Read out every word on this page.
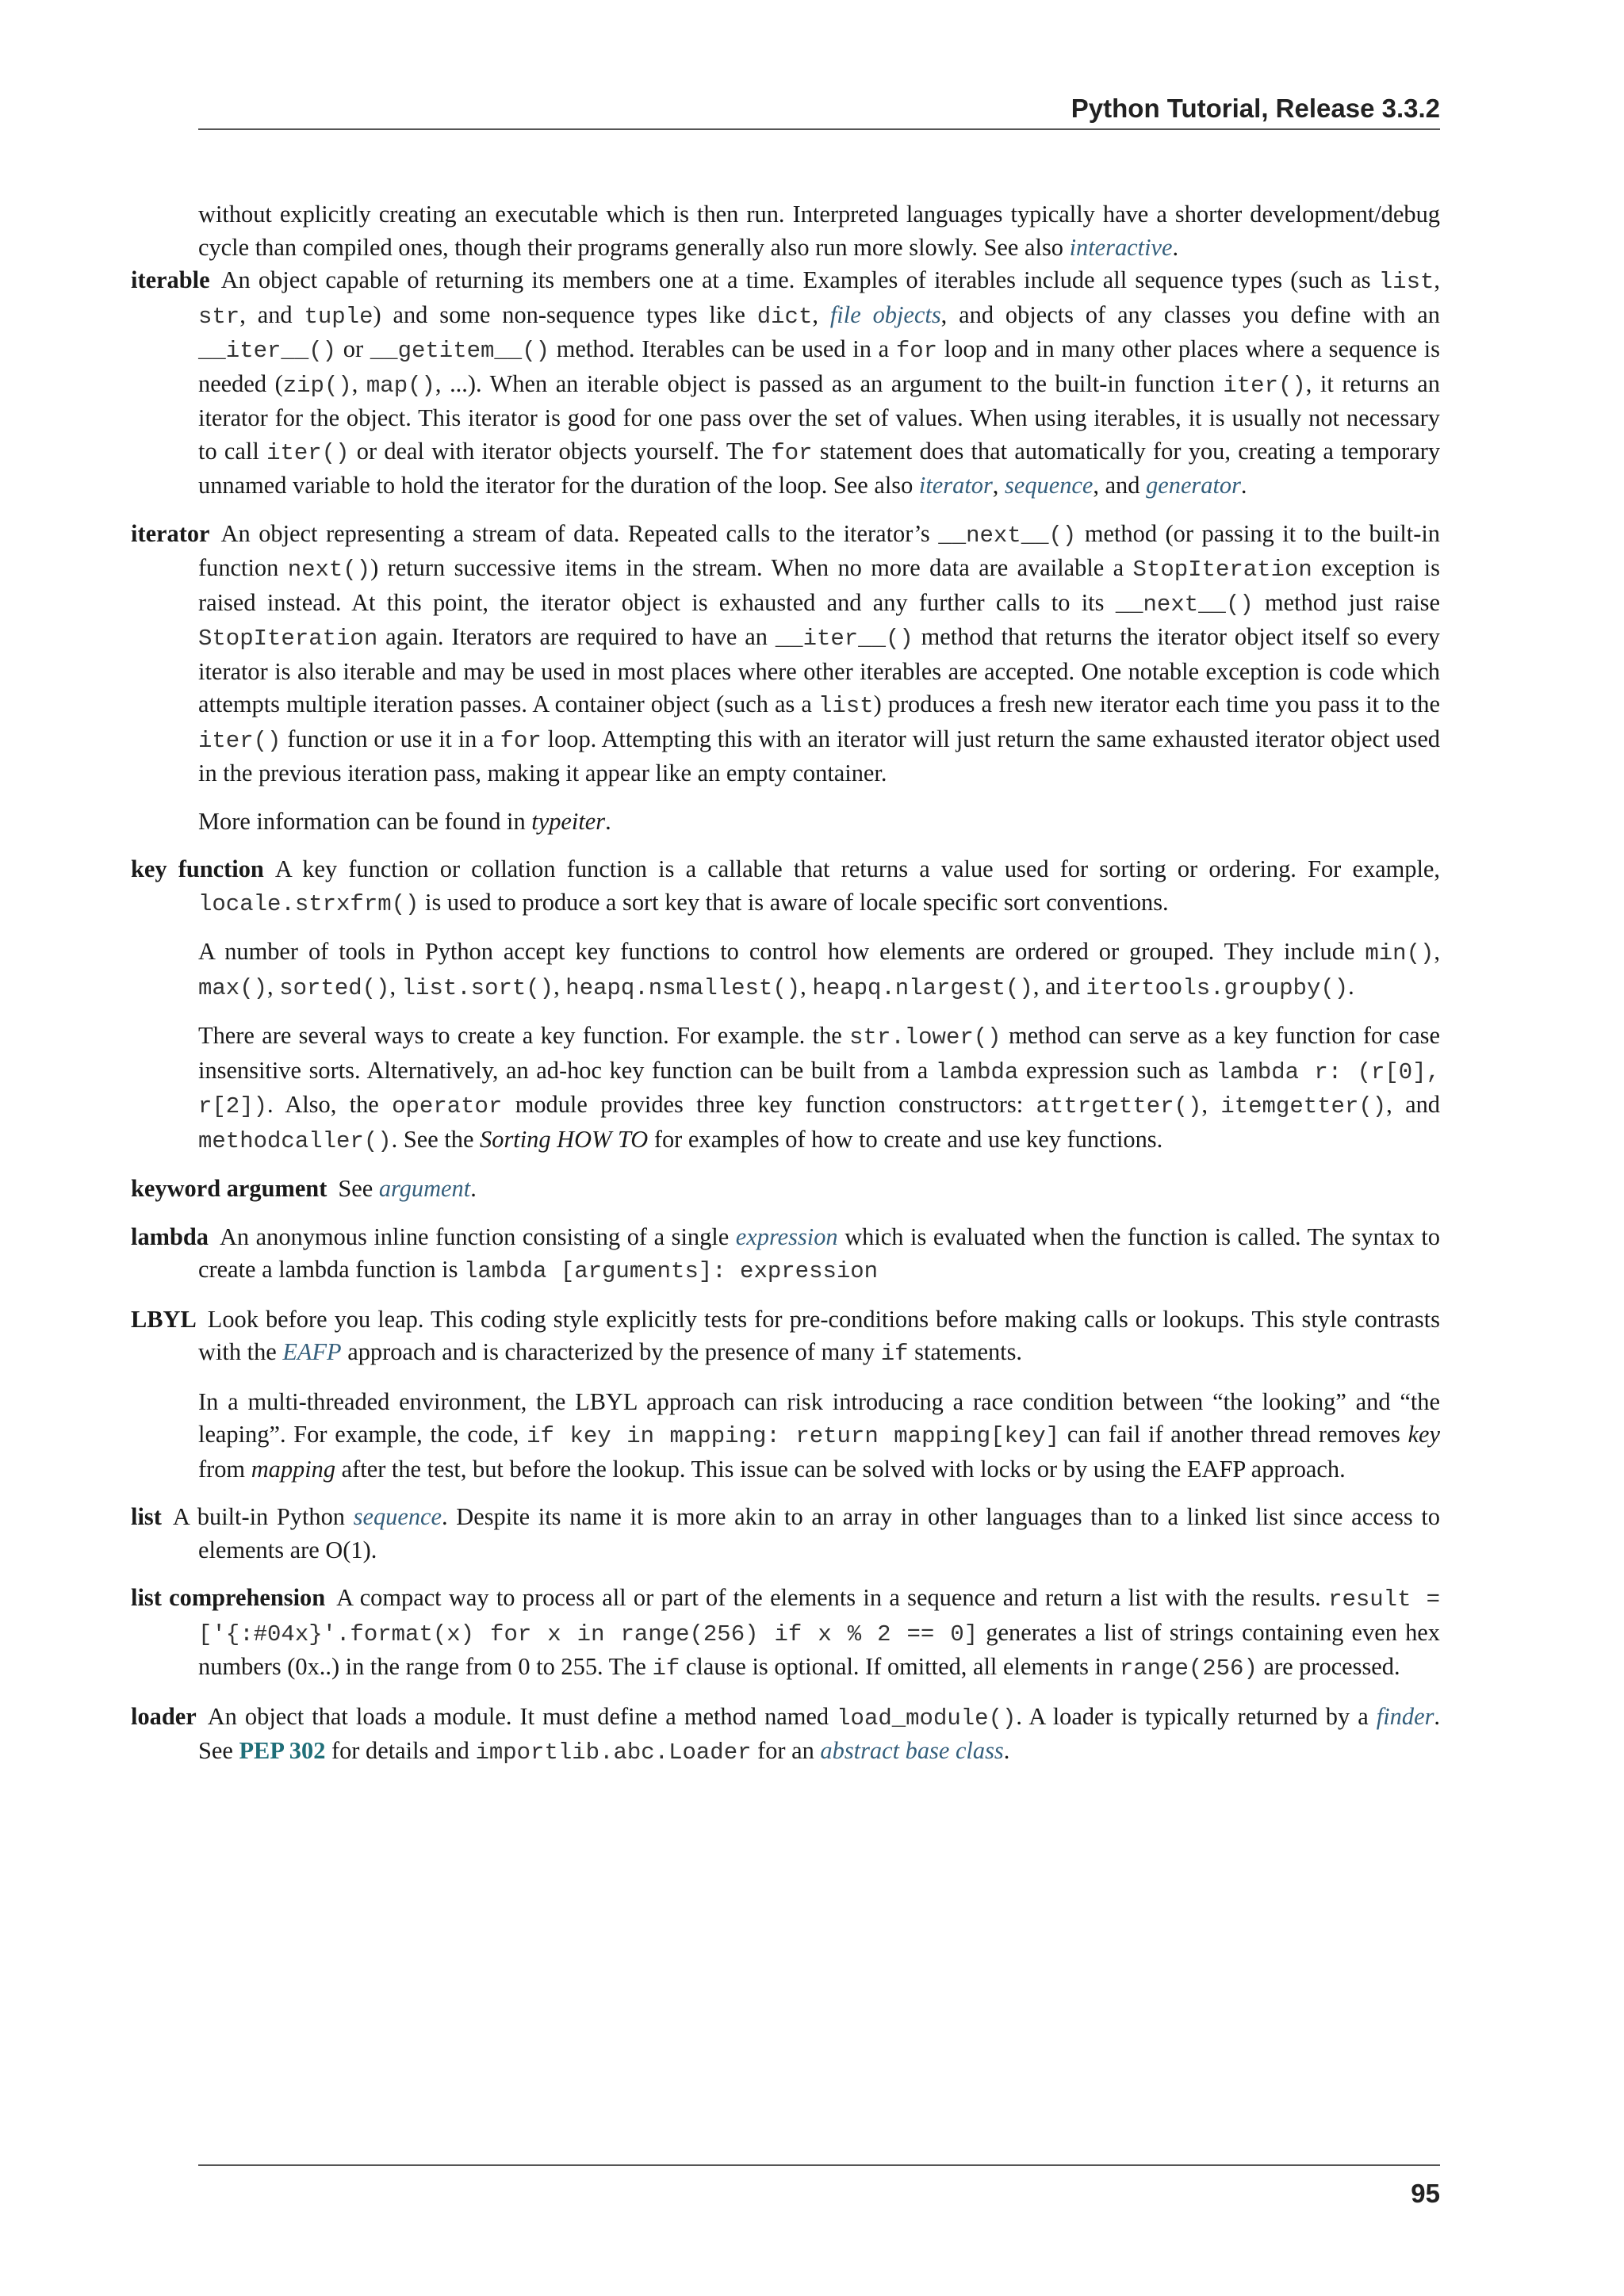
Python Tutorial, Release 3.3.2

without explicitly creating an executable which is then run. Interpreted languages typically have a shorter development/debug cycle than compiled ones, though their programs generally also run more slowly. See also interactive.

iterable An object capable of returning its members one at a time. Examples of iterables include all sequence types (such as list, str, and tuple) and some non-sequence types like dict, file objects, and objects of any classes you define with an __iter__() or __getitem__() method. Iterables can be used in a for loop and in many other places where a sequence is needed (zip(), map(), ...). When an iterable object is passed as an argument to the built-in function iter(), it returns an iterator for the object. This iterator is good for one pass over the set of values. When using iterables, it is usually not necessary to call iter() or deal with iterator objects yourself. The for statement does that automatically for you, creating a temporary unnamed variable to hold the iterator for the duration of the loop. See also iterator, sequence, and generator.

iterator An object representing a stream of data. Repeated calls to the iterator’s __next__() method (or passing it to the built-in function next()) return successive items in the stream. When no more data are available a StopIteration exception is raised instead. At this point, the iterator object is exhausted and any further calls to its __next__() method just raise StopIteration again. Iterators are required to have an __iter__() method that returns the iterator object itself so every iterator is also iterable and may be used in most places where other iterables are accepted. One notable exception is code which attempts multiple iteration passes. A container object (such as a list) produces a fresh new iterator each time you pass it to the iter() function or use it in a for loop. Attempting this with an iterator will just return the same exhausted iterator object used in the previous iteration pass, making it appear like an empty container.

More information can be found in typeiter.

key function A key function or collation function is a callable that returns a value used for sorting or ordering. For example, locale.strxfrm() is used to produce a sort key that is aware of locale specific sort conventions.

A number of tools in Python accept key functions to control how elements are ordered or grouped. They include min(), max(), sorted(), list.sort(), heapq.nsmallest(), heapq.nlargest(), and itertools.groupby().

There are several ways to create a key function. For example. the str.lower() method can serve as a key function for case insensitive sorts. Alternatively, an ad-hoc key function can be built from a lambda expression such as lambda r: (r[0], r[2]). Also, the operator module provides three key function constructors: attrgetter(), itemgetter(), and methodcaller(). See the Sorting HOW TO for examples of how to create and use key functions.

keyword argument See argument.

lambda An anonymous inline function consisting of a single expression which is evaluated when the function is called. The syntax to create a lambda function is lambda [arguments]: expression

LBYL Look before you leap. This coding style explicitly tests for pre-conditions before making calls or lookups. This style contrasts with the EAFP approach and is characterized by the presence of many if statements.

In a multi-threaded environment, the LBYL approach can risk introducing a race condition between “the looking” and “the leaping”. For example, the code, if key in mapping: return mapping[key] can fail if another thread removes key from mapping after the test, but before the lookup. This issue can be solved with locks or by using the EAFP approach.

list A built-in Python sequence. Despite its name it is more akin to an array in other languages than to a linked list since access to elements are O(1).

list comprehension A compact way to process all or part of the elements in a sequence and return a list with the results. result = ['{:#04x}'.format(x) for x in range(256) if x % 2 == 0] generates a list of strings containing even hex numbers (0x..) in the range from 0 to 255. The if clause is optional. If omitted, all elements in range(256) are processed.

loader An object that loads a module. It must define a method named load_module(). A loader is typically returned by a finder. See PEP 302 for details and importlib.abc.Loader for an abstract base class.

95
